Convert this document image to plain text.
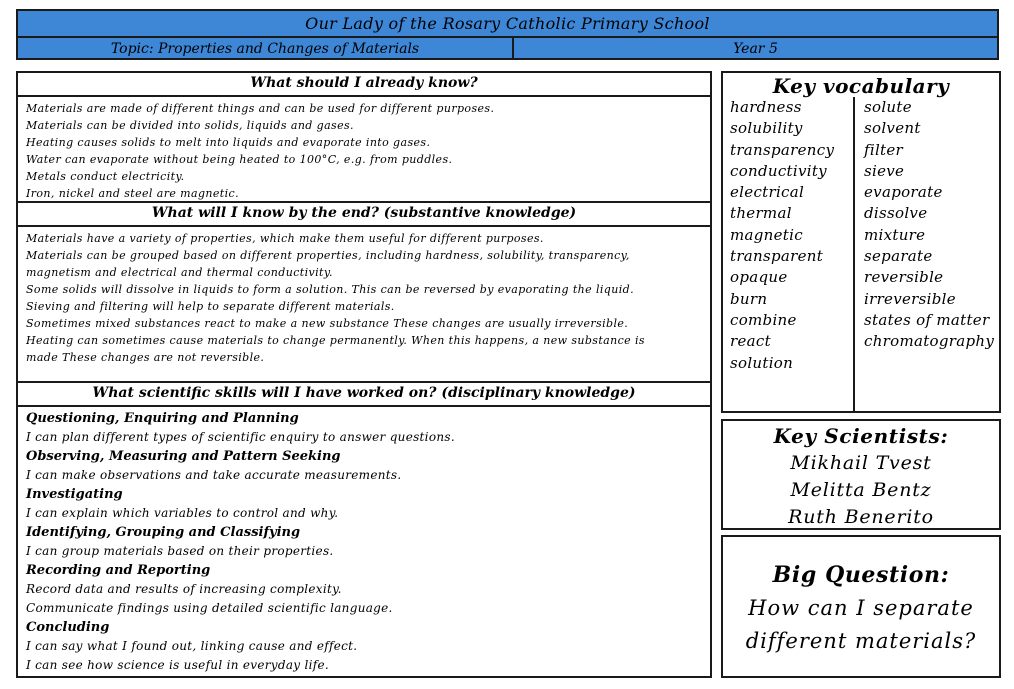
Our Lady of the Rosary Catholic Primary School
Topic: Properties and Changes of Materials	Year 5
What should I already know?
Materials are made of different things and can be used for different purposes.
Materials can be divided into solids, liquids and gases.
Heating causes solids to melt into liquids and evaporate into gases.
Water can evaporate without being heated to 100°C, e.g. from puddles.
Metals conduct electricity.
Iron, nickel and steel are magnetic.
What will I know by the end? (substantive knowledge)
Materials have a variety of properties, which make them useful for different purposes.
Materials can be grouped based on different properties, including hardness, solubility, transparency,
magnetism and electrical and thermal conductivity.
Some solids will dissolve in liquids to form a solution. This can be reversed by evaporating the liquid.
Sieving and filtering will help to separate different materials.
Sometimes mixed substances react to make a new substance These changes are usually irreversible.
Heating can sometimes cause materials to change permanently. When this happens, a new substance is
made These changes are not reversible.
What scientific skills will I have worked on? (disciplinary knowledge)
Questioning, Enquiring and Planning
I can plan different types of scientific enquiry to answer questions.
Observing, Measuring and Pattern Seeking
I can make observations and take accurate measurements.
Investigating
I can explain which variables to control and why.
Identifying, Grouping and Classifying
I can group materials based on their properties.
Recording and Reporting
Record data and results of increasing complexity.
Communicate findings using detailed scientific language.
Concluding
I can say what I found out, linking cause and effect.
I can see how science is useful in everyday life.
Key vocabulary
hardness
solubility
transparency
conductivity
electrical
thermal
magnetic
transparent
opaque
burn
combine
react
solution
solute
solvent
filter
sieve
evaporate
dissolve
mixture
separate
reversible
irreversible
states of matter
chromatography
Key Scientists:
Mikhail Tvest
Melitta Bentz
Ruth Benerito
Big Question:
How can I separate
different materials?
